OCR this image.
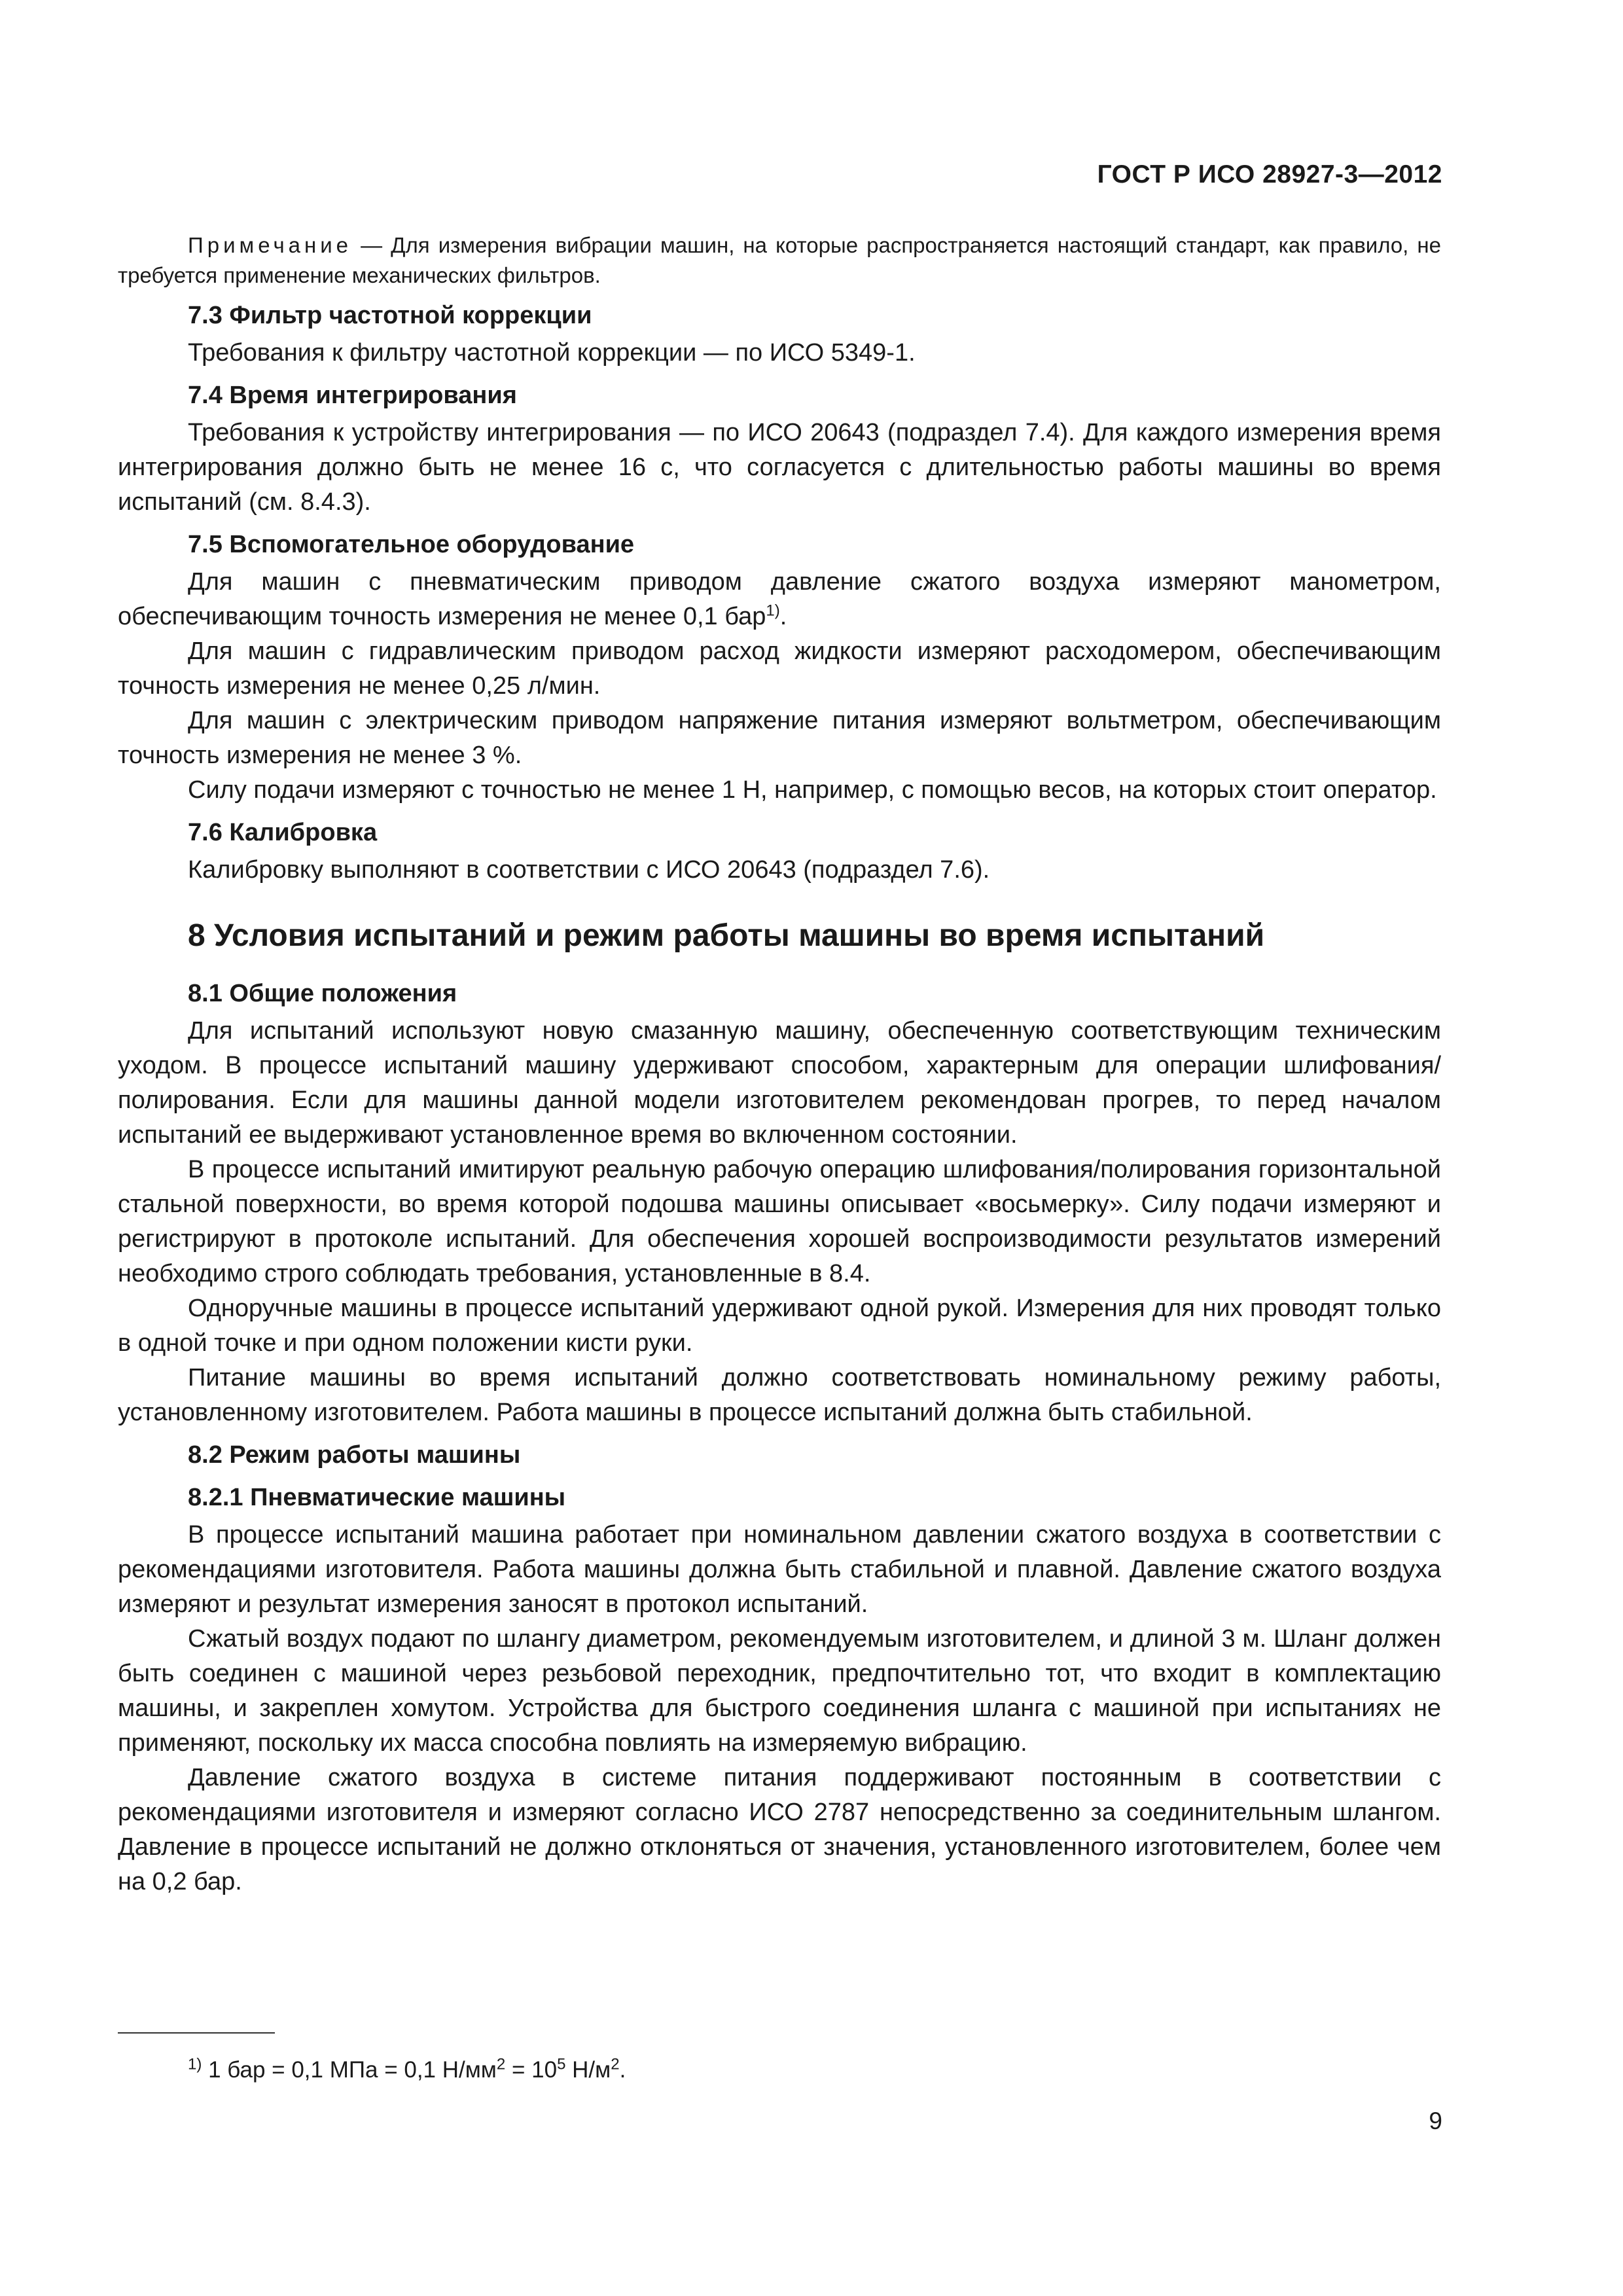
ГОСТ Р ИСО 28927-3—2012

Примечание — Для измерения вибрации машин, на которые распространяется настоящий стандарт, как правило, не требуется применение механических фильтров.

7.3 Фильтр частотной коррекции

Требования к фильтру частотной коррекции — по ИСО 5349-1.

7.4 Время интегрирования

Требования к устройству интегрирования — по ИСО 20643 (подраздел 7.4). Для каждого измерения время интегрирования должно быть не менее 16 с, что согласуется с длительностью работы машины во время испытаний (см. 8.4.3).

7.5 Вспомогательное оборудование

Для машин с пневматическим приводом давление сжатого воздуха измеряют манометром, обеспечивающим точность измерения не менее 0,1 бар$^{1)}$.

Для машин с гидравлическим приводом расход жидкости измеряют расходомером, обеспечивающим точность измерения не менее 0,25 л/мин.

Для машин с электрическим приводом напряжение питания измеряют вольтметром, обеспечивающим точность измерения не менее 3 %.

Силу подачи измеряют с точностью не менее 1 Н, например, с помощью весов, на которых стоит оператор.

7.6 Калибровка

Калибровку выполняют в соответствии с ИСО 20643 (подраздел 7.6).

8 Условия испытаний и режим работы машины во время испытаний
8.1 Общие положения

Для испытаний используют новую смазанную машину, обеспеченную соответствующим техническим уходом. В процессе испытаний машину удерживают способом, характерным для операции шлифования/полирования. Если для машины данной модели изготовителем рекомендован прогрев, то перед началом испытаний ее выдерживают установленное время во включенном состоянии.

В процессе испытаний имитируют реальную рабочую операцию шлифования/полирования горизонтальной стальной поверхности, во время которой подошва машины описывает «восьмерку». Силу подачи измеряют и регистрируют в протоколе испытаний. Для обеспечения хорошей воспроизводимости результатов измерений необходимо строго соблюдать требования, установленные в 8.4.

Одноручные машины в процессе испытаний удерживают одной рукой. Измерения для них проводят только в одной точке и при одном положении кисти руки.

Питание машины во время испытаний должно соответствовать номинальному режиму работы, установленному изготовителем. Работа машины в процессе испытаний должна быть стабильной.

8.2 Режим работы машины
8.2.1 Пневматические машины

В процессе испытаний машина работает при номинальном давлении сжатого воздуха в соответствии с рекомендациями изготовителя. Работа машины должна быть стабильной и плавной. Давление сжатого воздуха измеряют и результат измерения заносят в протокол испытаний.

Сжатый воздух подают по шлангу диаметром, рекомендуемым изготовителем, и длиной 3 м. Шланг должен быть соединен с машиной через резьбовой переходник, предпочтительно тот, что входит в комплектацию машины, и закреплен хомутом. Устройства для быстрого соединения шланга с машиной при испытаниях не применяют, поскольку их масса способна повлиять на измеряемую вибрацию.

Давление сжатого воздуха в системе питания поддерживают постоянным в соответствии с рекомендациями изготовителя и измеряют согласно ИСО 2787 непосредственно за соединительным шлангом. Давление в процессе испытаний не должно отклоняться от значения, установленного изготовителем, более чем на 0,2 бар.

$^{1)}$ 1 бар = 0,1 МПа = 0,1 $Н/мм^2 = 10^5$ $Н/м^2$.
9
